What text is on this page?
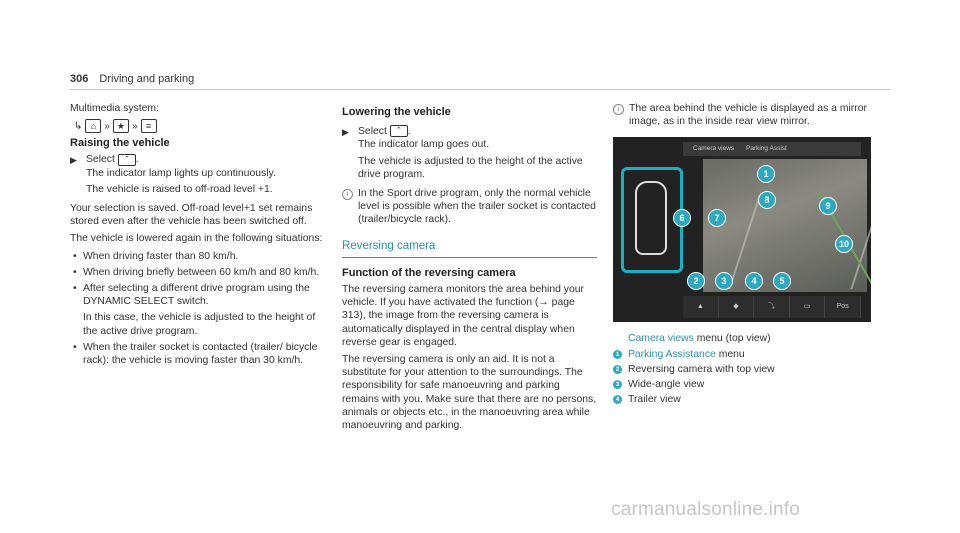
306 Driving and parking

Multimedia system:

↳ ⌂ » ★ » ≡
Raising the vehicle
▶ Select ⌃ .
The indicator lamp lights up continuously.

The vehicle is raised to off-road level +1.

Your selection is saved. Off-road level+1 set remains stored even after the vehicle has been switched off.

The vehicle is lowered again in the following situations:

• When driving faster than 80 km/h.
• When driving briefly between 60 km/h and 80 km/h.
• After selecting a different drive program using the DYNAMIC SELECT switch.

In this case, the vehicle is adjusted to the height of the active drive program.
• When the trailer socket is contacted (trailer/ bicycle rack): the vehicle is moving faster than 30 km/h.
Lowering the vehicle
▶ Select ⌃ .
The indicator lamp goes out.

The vehicle is adjusted to the height of the active drive program.

i In the Sport drive program, only the normal vehicle level is possible when the trailer socket is contacted (trailer/bicycle rack).
Reversing camera
Function of the reversing camera

The reversing camera monitors the area behind your vehicle. If you have activated the function (→ page 313), the image from the reversing camera is automatically displayed in the central display when reverse gear is engaged.

The reversing camera is only an aid. It is not a substitute for your attention to the surroundings. The responsibility for safe manoeuvring and parking remains with you. Make sure that there are no persons, animals or objects etc., in the manoeuvring area while manoeuvring and parking.

i The area behind the vehicle is displayed as a mirror image, as in the inside rear view mirror.
Camera views Parking Assist
▲	◆	⤵	▭	Pos
1
2	3	4	5
6	7
8
9
10
Camera views menu (top view)
1 Parking Assistance menu
2 Reversing camera with top view
3 Wide-angle view
4 Trailer view
carmanualsonline.info
